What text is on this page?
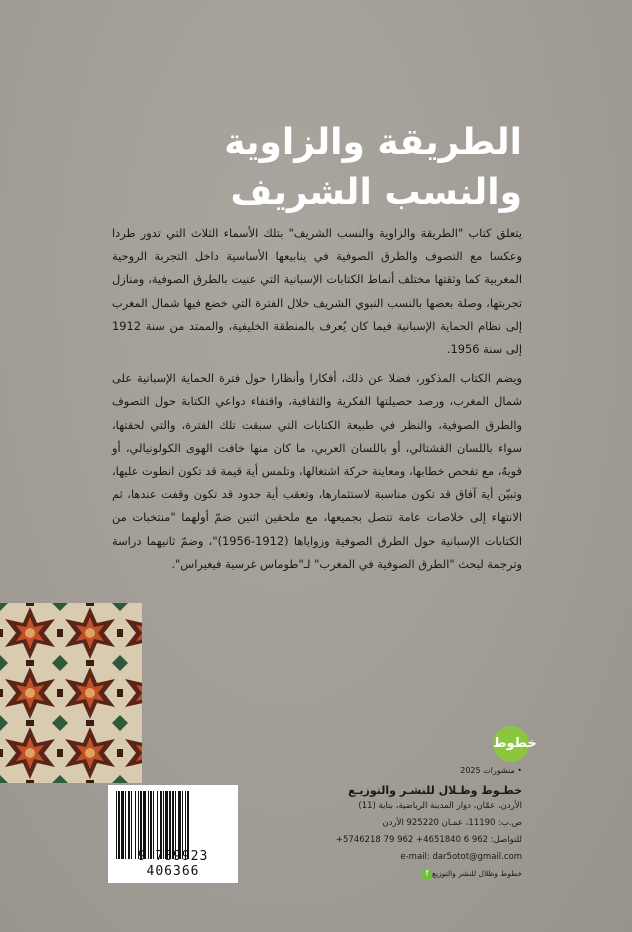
الطريقة والزاوية
والنسب الشريف

يتعلق كتاب "الطريقة والزاوية والنسب الشريف" بتلك الأسماء الثلاث التي تدور طردا وعكسا مع التصوف والطرق الصوفية في ينابيعها الأساسية داخل التجربة الروحية المغربية كما وثقتها مختلف أنماط الكتابات الإسبانية التي عنيت بالطرق الصوفية، ومنازل تجربتها، وصلة بعضها بالنسب النبوي الشريف خلال الفترة التي خضع فيها شمال المغرب إلى نظام الحماية الإسبانية فيما كان يُعرف بالمنطقة الخليفية، والممتد من سنة 1912 إلى سنة 1956.

ويضم الكتاب المذكور، فضلا عن ذلك، أفكارا وأنظارا حول فترة الحماية الإسبانية على شمال المغرب، ورصد حصيلتها الفكرية والثقافية، واقتفاء دواعي الكتابة حول التصوف والطرق الصوفية، والنظر في طبيعة الكتابات التي سبقت تلك الفترة، والتي لحقتها، سواء باللسان القشتالي، أو باللسان العربي، ما كان منها خافت الهوى الكولونيالي، أو قويهُ، مع تفحص خطابها، ومعاينة حركة اشتغالها، وتلمس أية قيمة قد تكون انطوت عليها، وتبيّن أية آفاق قد تكون مناسبة لاستثمارها، وتعقب أية حدود قد تكون وقفت عندها، ثم الانتهاء إلى خلاصات عامة تتصل بجميعها، مع ملحقين اثنين ضمّ أولهما "منتخبات من الكتابات الإسبانية حول الطرق الصوفية وزواياها (1912-1956)"، وضمّ ثانيهما دراسة وترجمة لبحث "الطرق الصوفية في المغرب" لـ"طوماس غرسية فيغيراس".

خطوط
• منشورات 2025
خطـوط وظـلال للنشـر والتوزيـع
الأردن، عمّان، دوار المدينة الرياضية، بناية (11)
ص.ب: 11190، عمـان 925220 الأردن
للتواصل: 962 6 4651840+ 962 79 5746218+
e-mail: dar5otot@gmail.com
خطوط وظلال للنشر والتوزيعf
9 789923 406366
